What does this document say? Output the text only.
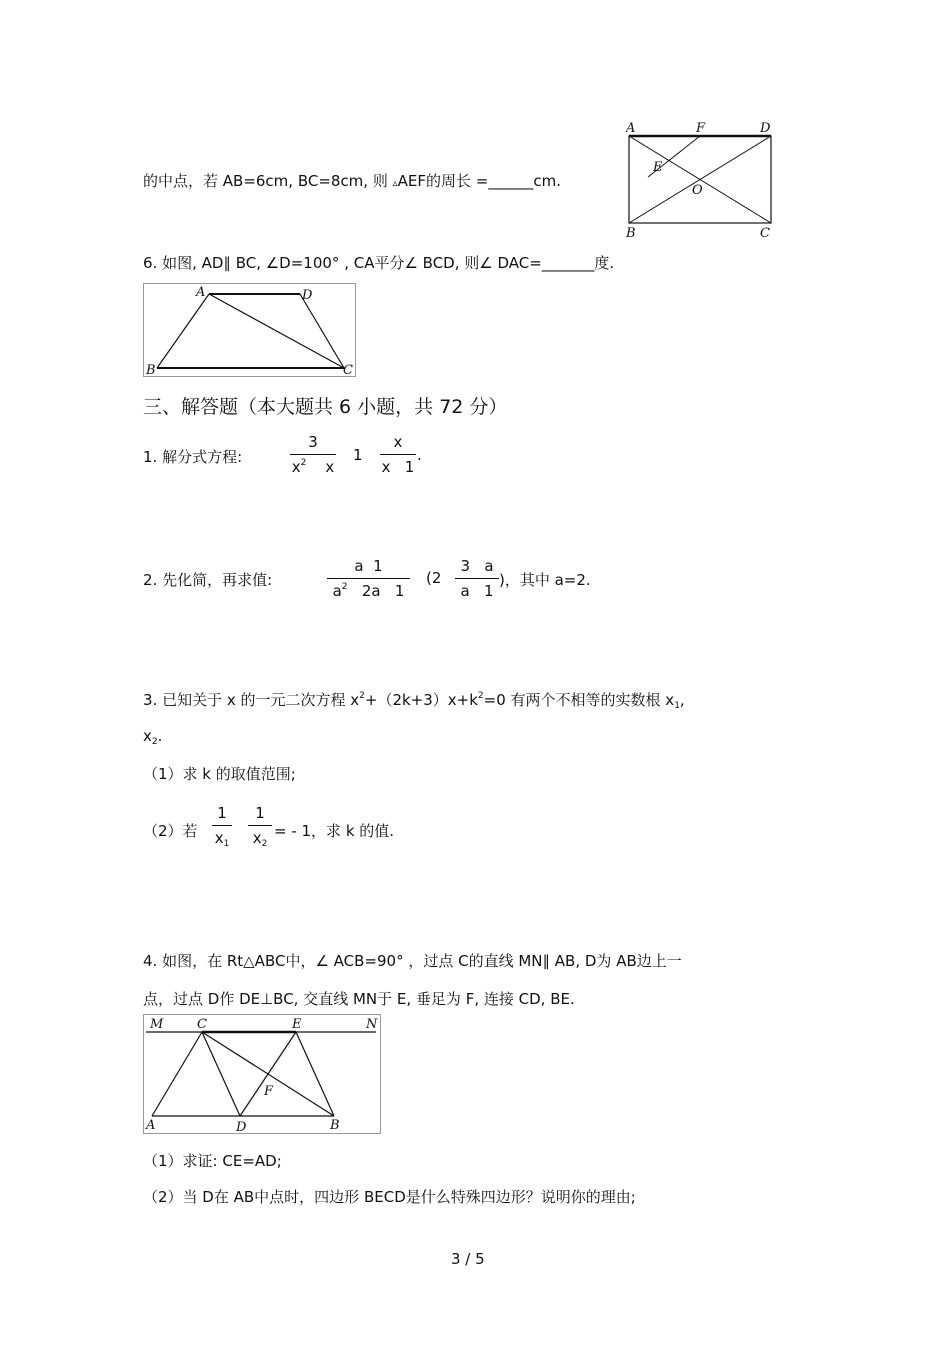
的中点，若 AB=6cm, BC=8cm, 则 ▵AEF的周长 =______cm.
A	F	D
E
O
B	C
6. 如图, AD∥ BC, ∠D=100° , CA平分∠ BCD, 则∠ DAC=_______度.
A	D
B	C
三、解答题（本大题共 6 小题，共 72 分）
1. 解分式方程:
3
$x^2$ x
1
x
x   1
.
2. 先化简，再求值:
a  1
$a^2$ 2a   1
(2
3   a
a   1
)，其中 a=2.
3. 已知关于 x 的一元二次方程 $x^2+(2k+3)x+k^2=0$ 有两个不相等的实数根 $x_1$,
$x_2$.
（1）求 k 的取值范围;
（2）若
1
$x_1$
1
$x_2$
= - 1，求 k 的值.
4. 如图，在 Rt△ABC中，∠ ACB=90° ，过点 C的直线 MN∥ AB, D为 AB边上一
点，过点 D作 DE⊥BC, 交直线 MN于 E, 垂足为 F, 连接 CD, BE.
M	C	E	N
F
A	D	B
（1）求证: CE=AD;
（2）当 D在 AB中点时，四边形 BECD是什么特殊四边形？说明你的理由;
3 / 5
